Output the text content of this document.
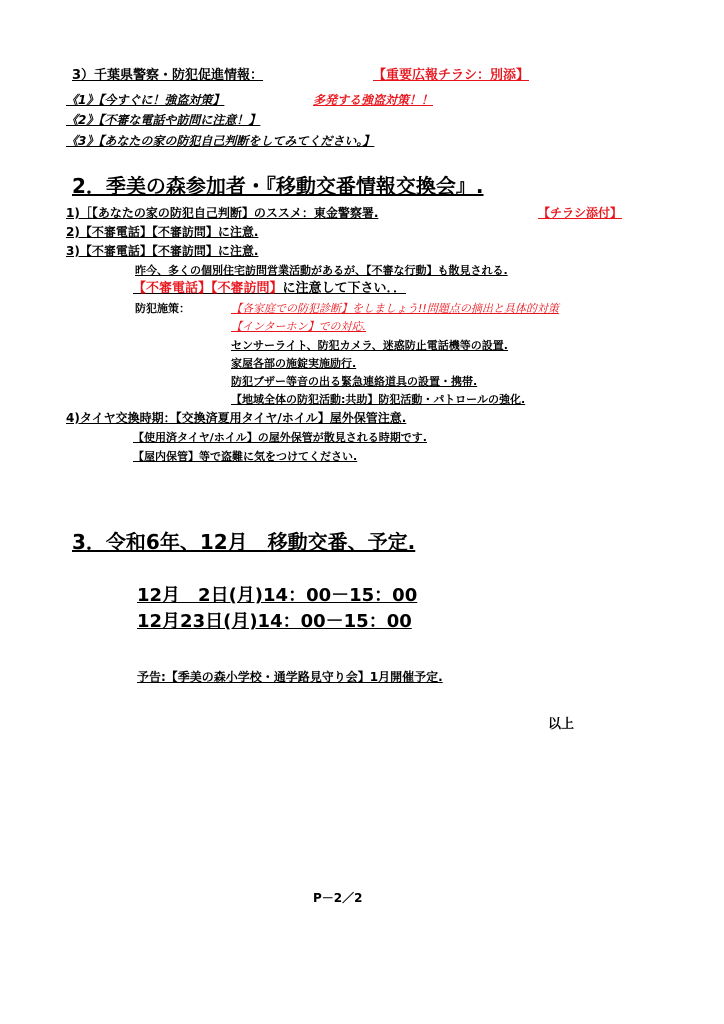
3）千葉県警察・防犯促進情報：	【重要広報チラシ：別添】
《1》【今すぐに！強盗対策】	多発する強盗対策！！
《2》【不審な電話や訪問に注意！】
《3》【あなたの家の防犯自己判断をしてみてください。】
2．季美の森参加者・『移動交番情報交換会』.
1)［【あなたの家の防犯自己判断】のススメ：東金警察署.	【チラシ添付】
2)【不審電話】【不審訪問】に注意.
3)【不審電話】【不審訪問】に注意.
昨今、多くの個別住宅訪問営業活動があるが、【不審な行動】も散見される.
【不審電話】【不審訪問】に注意して下さい．．
防犯施策：	【各家庭での防犯診断】をしましょう!!問題点の摘出と具体的対策
【インターホン】での対応.
センサーライト、防犯カメラ、迷惑防止電話機等の設置.
家屋各部の施錠実施励行.
防犯ブザー等音の出る緊急連絡道具の設置・携帯.
【地域全体の防犯活動:共助】防犯活動・パトロールの強化.
4)タイヤ交換時期：【交換済夏用タイヤ/ホイル】屋外保管注意.
【使用済タイヤ/ホイル】の屋外保管が散見される時期です.
【屋内保管】等で盗難に気をつけてください.
3．令和6年、12月　移動交番、予定.
12月　2日(月)14：00－15：00
12月23日(月)14：00－15：00
予告:【季美の森小学校・通学路見守り会】1月開催予定.
以上
P－2／2
